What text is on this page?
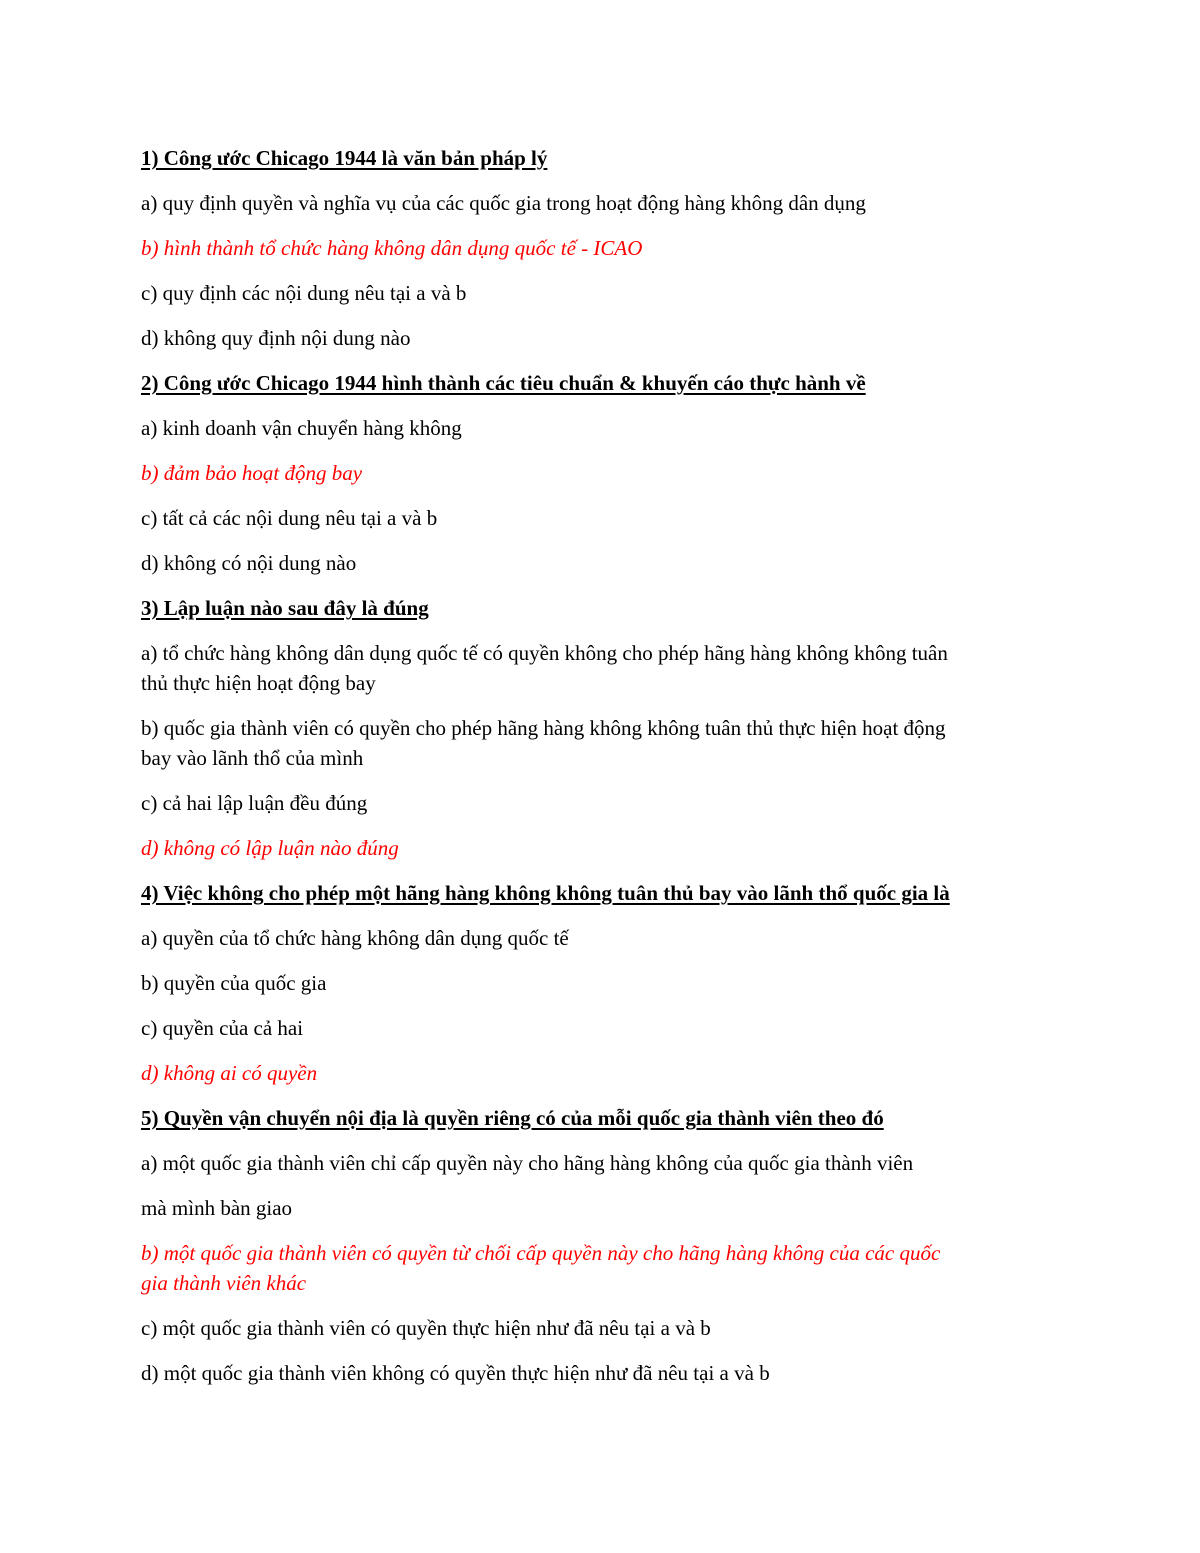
1) Công ước Chicago 1944 là văn bản pháp lý

a) quy định quyền và nghĩa vụ của các quốc gia trong hoạt động hàng không dân dụng

b) hình thành tổ chức hàng không dân dụng quốc tế - ICAO

c) quy định các nội dung nêu tại a và b

d) không quy định nội dung nào

2) Công ước Chicago 1944 hình thành các tiêu chuẩn & khuyến cáo thực hành về

a) kinh doanh vận chuyển hàng không

b) đảm bảo hoạt động bay

c) tất cả các nội dung nêu tại a và b

d) không có nội dung nào

3) Lập luận nào sau đây là đúng

a) tổ chức hàng không dân dụng quốc tế có quyền không cho phép hãng hàng không không tuân

thủ thực hiện hoạt động bay

b) quốc gia thành viên có quyền cho phép hãng hàng không không tuân thủ thực hiện hoạt động

bay vào lãnh thổ của mình

c) cả hai lập luận đều đúng

d) không có lập luận nào đúng

4) Việc không cho phép một hãng hàng không không tuân thủ bay vào lãnh thổ quốc gia là

a) quyền của tổ chức hàng không dân dụng quốc tế

b) quyền của quốc gia

c) quyền của cả hai

d) không ai có quyền

5) Quyền vận chuyển nội địa là quyền riêng có của mỗi quốc gia thành viên theo đó

a) một quốc gia thành viên chỉ cấp quyền này cho hãng hàng không của quốc gia thành viên

mà mình bàn giao

b) một quốc gia thành viên có quyền từ chối cấp quyền này cho hãng hàng không của các quốc

gia thành viên khác

c) một quốc gia thành viên có quyền thực hiện như đã nêu tại a và b

d) một quốc gia thành viên không có quyền thực hiện như đã nêu tại a và b
